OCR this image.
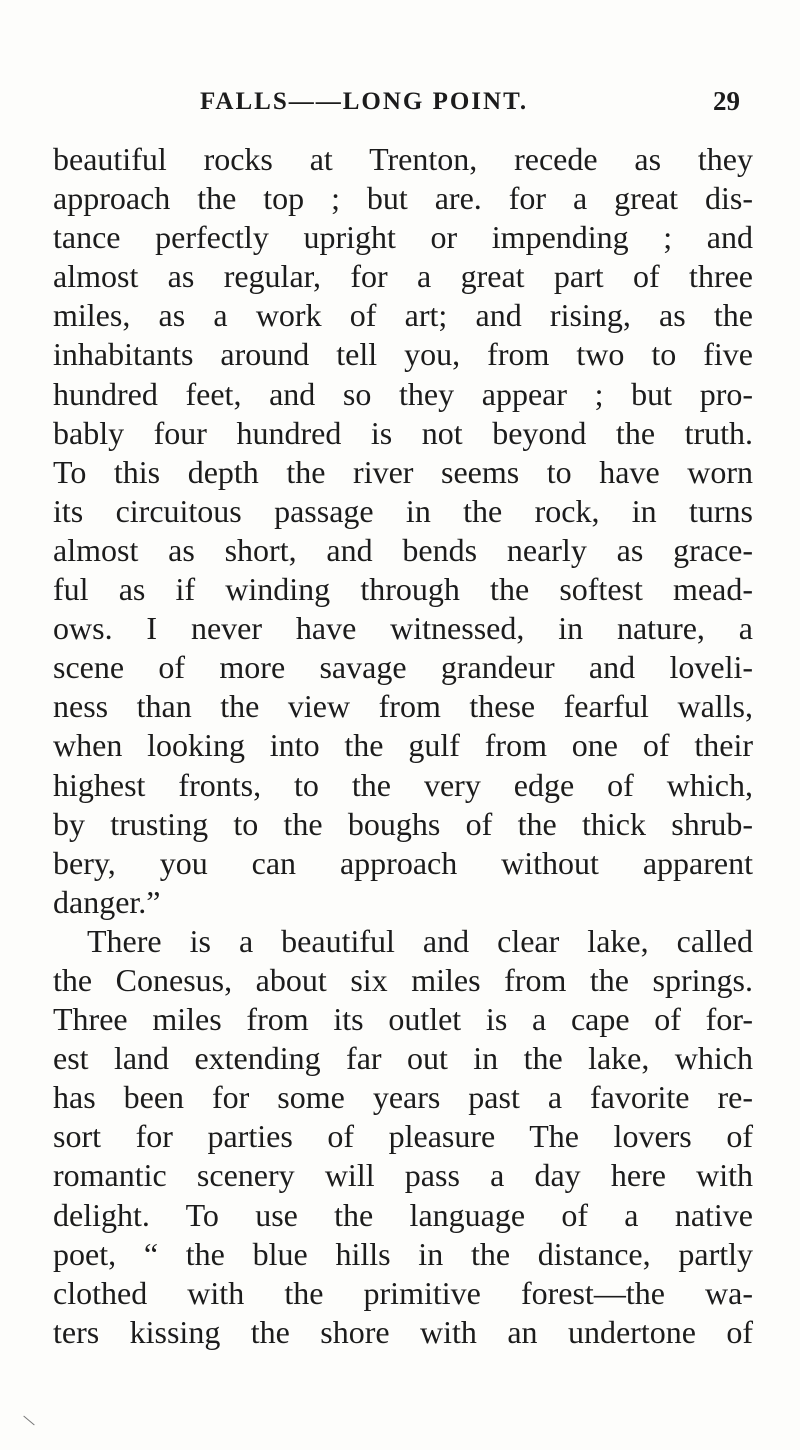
FALLS——LONG POINT.	29
beautiful rocks at Trenton, recede as they
approach the top ; but are. for a great dis-
tance perfectly upright or impending ; and
almost as regular, for a great part of three
miles, as a work of art; and rising, as the
inhabitants around tell you, from two to five
hundred feet, and so they appear ; but pro-
bably four hundred is not beyond the truth.
To this depth the river seems to have worn
its circuitous passage in the rock, in turns
almost as short, and bends nearly as grace-
ful as if winding through the softest mead-
ows. I never have witnessed, in nature, a
scene of more savage grandeur and loveli-
ness than the view from these fearful walls,
when looking into the gulf from one of their
highest fronts, to the very edge of which,
by trusting to the boughs of the thick shrub-
bery, you can approach without apparent
danger.”
There is a beautiful and clear lake, called
the Conesus, about six miles from the springs.
Three miles from its outlet is a cape of for-
est land extending far out in the lake, which
has been for some years past a favorite re-
sort for parties of pleasure The lovers of
romantic scenery will pass a day here with
delight. To use the language of a native
poet, “ the blue hills in the distance, partly
clothed with the primitive forest—the wa-
ters kissing the shore with an undertone of
